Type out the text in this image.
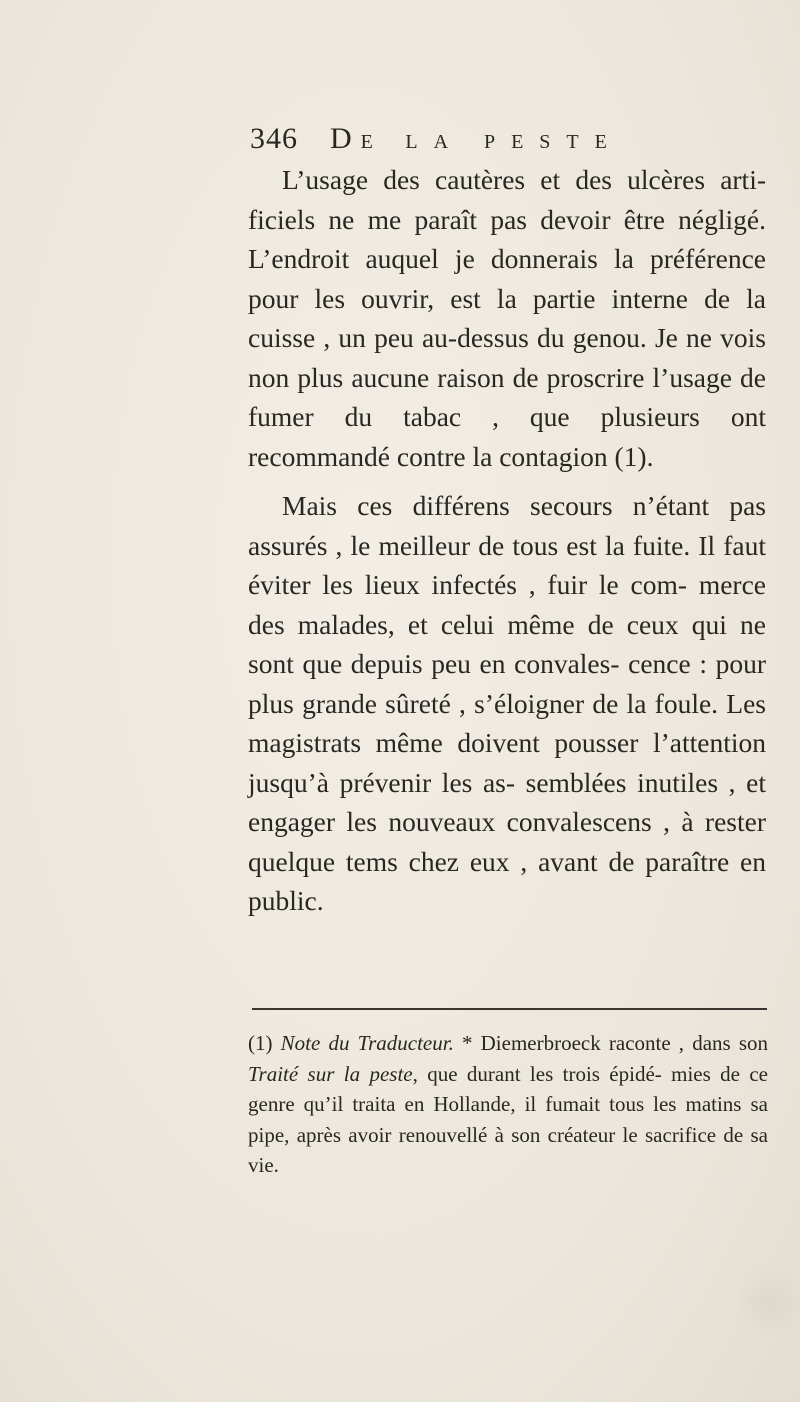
346 DE LA PESTE

L’usage des cautères et des ulcères arti- ficiels ne me paraît pas devoir être négligé. L’endroit auquel je donnerais la préférence pour les ouvrir, est la partie interne de la cuisse , un peu au-dessus du genou. Je ne vois non plus aucune raison de proscrire l’usage de fumer du tabac , que plusieurs ont recommandé contre la contagion (1).

Mais ces différens secours n’étant pas assurés , le meilleur de tous est la fuite. Il faut éviter les lieux infectés , fuir le com- merce des malades, et celui même de ceux qui ne sont que depuis peu en convales- cence : pour plus grande sûreté , s’éloigner de la foule. Les magistrats même doivent pousser l’attention jusqu’à prévenir les as- semblées inutiles , et engager les nouveaux convalescens , à rester quelque tems chez eux , avant de paraître en public.

(1) Note du Traducteur. * Diemerbroeck raconte , dans son Traité sur la peste, que durant les trois épidé- mies de ce genre qu’il traita en Hollande, il fumait tous les matins sa pipe, après avoir renouvellé à son créateur le sacrifice de sa vie.
